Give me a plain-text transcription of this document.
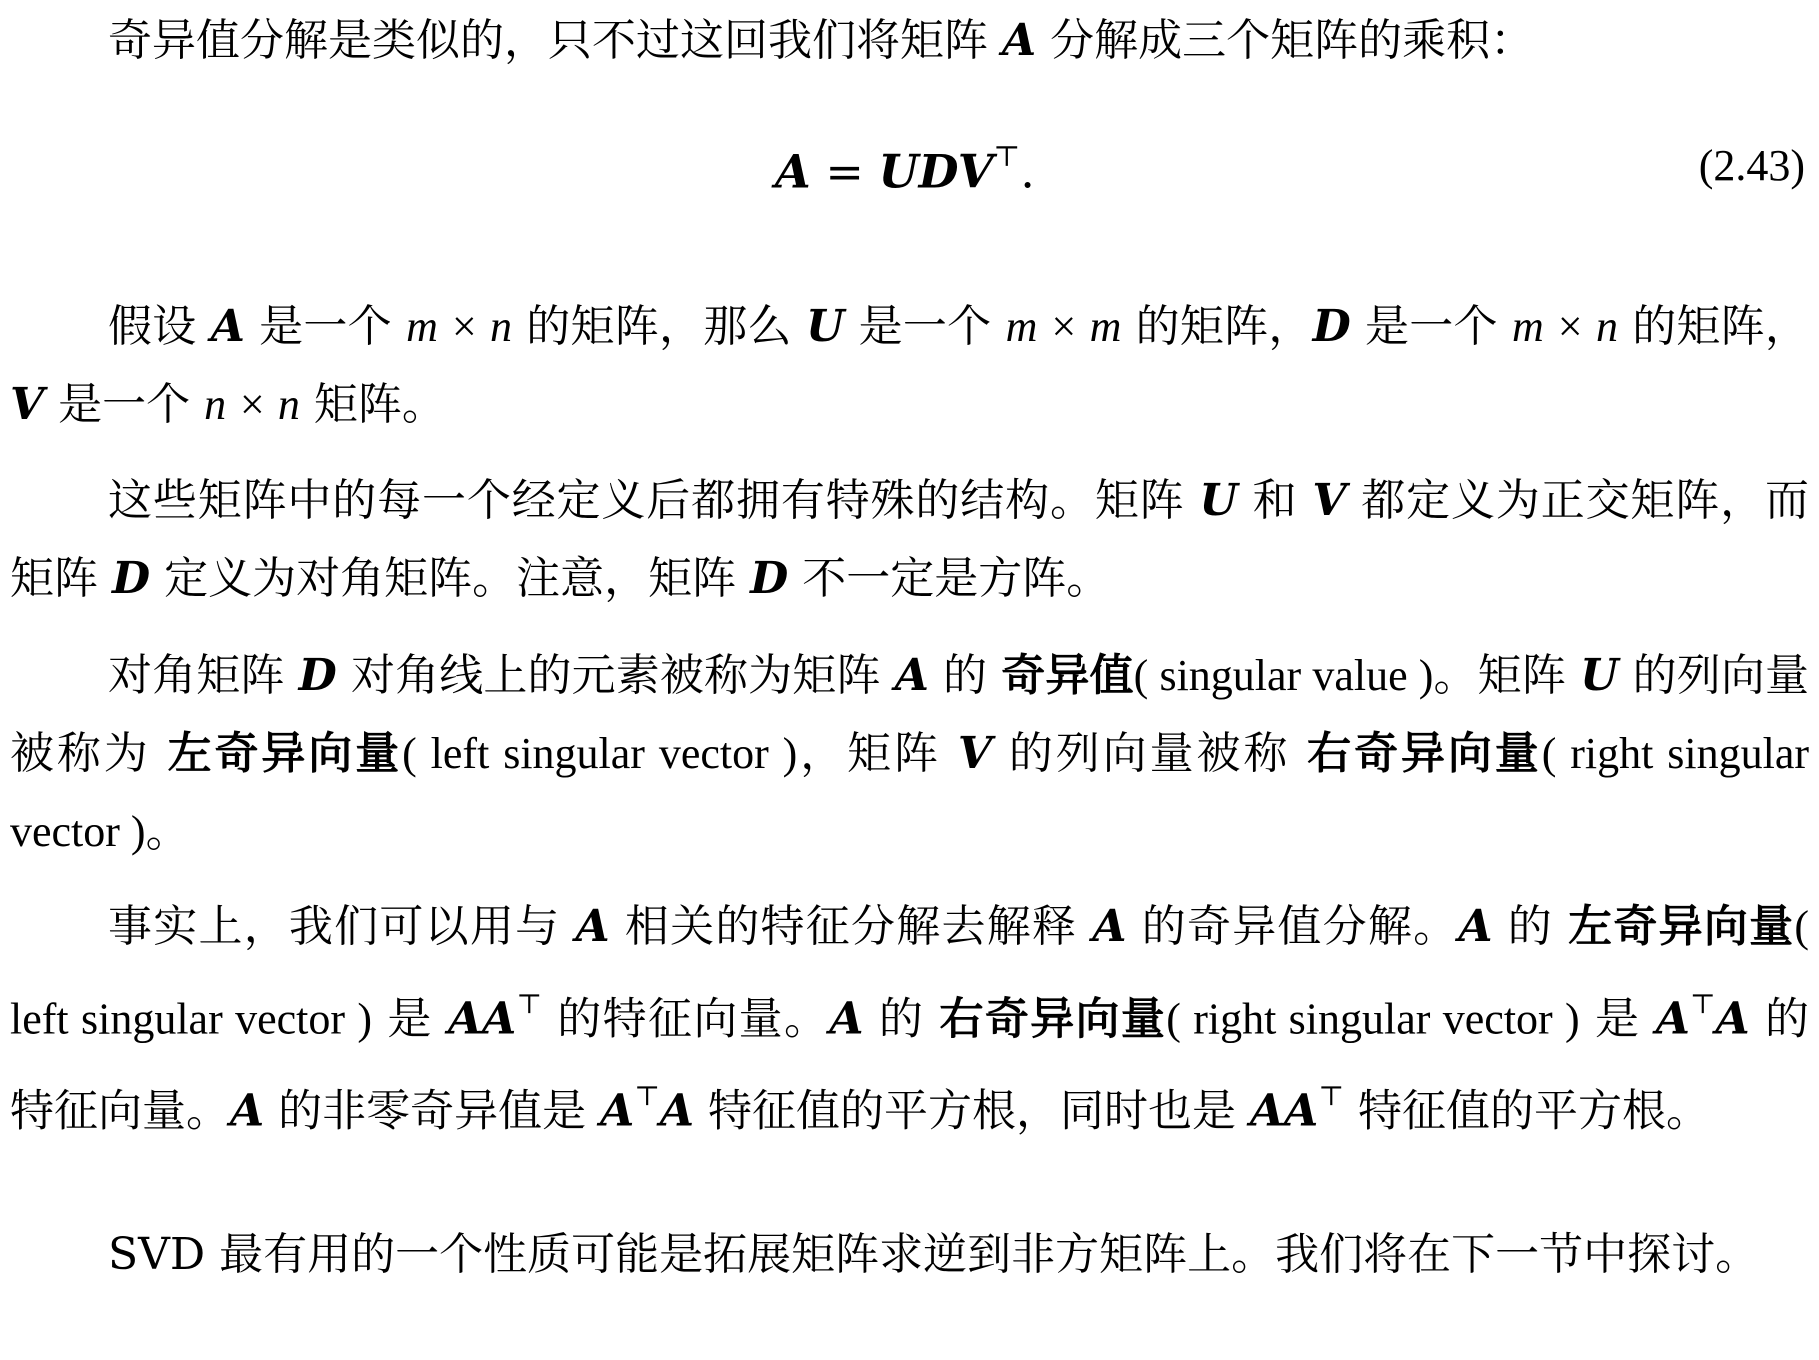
奇异值分解是类似的，只不过这回我们将矩阵 A 分解成三个矩阵的乘积：

A = UDV⊤.	(2.43)

假设 A 是一个 m × n 的矩阵，那么 U 是一个 m × m 的矩阵，D 是一个 m × n 的矩阵，V 是一个 n × n 矩阵。

这些矩阵中的每一个经定义后都拥有特殊的结构。矩阵 U 和 V 都定义为正交矩阵，而矩阵 D 定义为对角矩阵。注意，矩阵 D 不一定是方阵。

对角矩阵 D 对角线上的元素被称为矩阵 A 的 奇异值( singular value )。矩阵 U 的列向量被称为 左奇异向量( left singular vector )，矩阵 V 的列向量被称 右奇异向量( right singular vector )。

事实上，我们可以用与 A 相关的特征分解去解释 A 的奇异值分解。A 的 左奇异向量( left singular vector ) 是 AA⊤ 的特征向量。A 的 右奇异向量( right singular vector ) 是 A⊤A 的特征向量。A 的非零奇异值是 A⊤A 特征值的平方根，同时也是 AA⊤ 特征值的平方根。

SVD 最有用的一个性质可能是拓展矩阵求逆到非方矩阵上。我们将在下一节中探讨。
